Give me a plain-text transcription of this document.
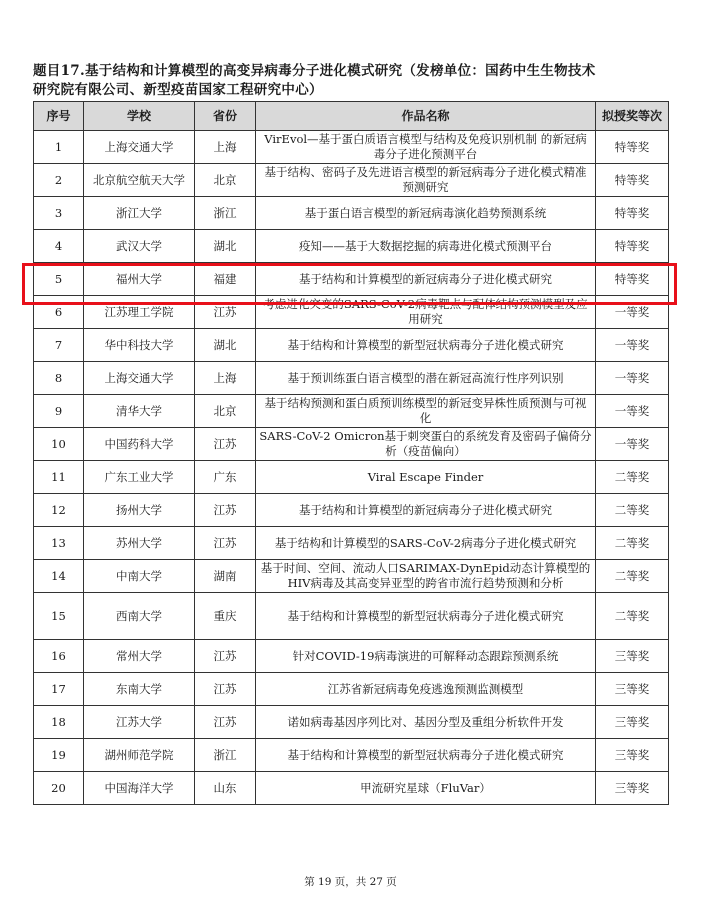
题目17.基于结构和计算模型的高变异病毒分子进化模式研究（发榜单位：国药中生生物技术
研究院有限公司、新型疫苗国家工程研究中心）
序号	学校	省份	作品名称	拟授奖等次
1	上海交通大学	上海	VirEvol—基于蛋白质语言模型与结构及免疫识别机制 的新冠病毒分子进化预测平台	特等奖
2	北京航空航天大学	北京	基于结构、密码子及先进语言模型的新冠病毒分子进化模式精准预测研究	特等奖
3	浙江大学	浙江	基于蛋白语言模型的新冠病毒演化趋势预测系统	特等奖
4	武汉大学	湖北	疫知——基于大数据挖掘的病毒进化模式预测平台	特等奖
5	福州大学	福建	基于结构和计算模型的新冠病毒分子进化模式研究	特等奖
6	江苏理工学院	江苏	考虑进化突变的SARS-CoV-2病毒靶点与配体结构预测模型及应用研究	一等奖
7	华中科技大学	湖北	基于结构和计算模型的新型冠状病毒分子进化模式研究	一等奖
8	上海交通大学	上海	基于预训练蛋白语言模型的潜在新冠高流行性序列识别	一等奖
9	清华大学	北京	基于结构预测和蛋白质预训练模型的新冠变异株性质预测与可视化	一等奖
10	中国药科大学	江苏	SARS-CoV-2 Omicron基于刺突蛋白的系统发育及密码子偏倚分析（疫苗偏向）	一等奖
11	广东工业大学	广东	Viral Escape Finder	二等奖
12	扬州大学	江苏	基于结构和计算模型的新冠病毒分子进化模式研究	二等奖
13	苏州大学	江苏	基于结构和计算模型的SARS-CoV-2病毒分子进化模式研究	二等奖
14	中南大学	湖南	基于时间、空间、流动人口SARIMAX-DynEpid动态计算模型的HIV病毒及其高变异亚型的跨省市流行趋势预测和分析	二等奖
15	西南大学	重庆	基于结构和计算模型的新型冠状病毒分子进化模式研究	二等奖
16	常州大学	江苏	针对COVID-19病毒演进的可解释动态跟踪预测系统	三等奖
17	东南大学	江苏	江苏省新冠病毒免疫逃逸预测监测模型	三等奖
18	江苏大学	江苏	诺如病毒基因序列比对、基因分型及重组分析软件开发	三等奖
19	湖州师范学院	浙江	基于结构和计算模型的新型冠状病毒分子进化模式研究	三等奖
20	中国海洋大学	山东	甲流研究星球（FluVar）	三等奖
第 19 页，共 27 页
